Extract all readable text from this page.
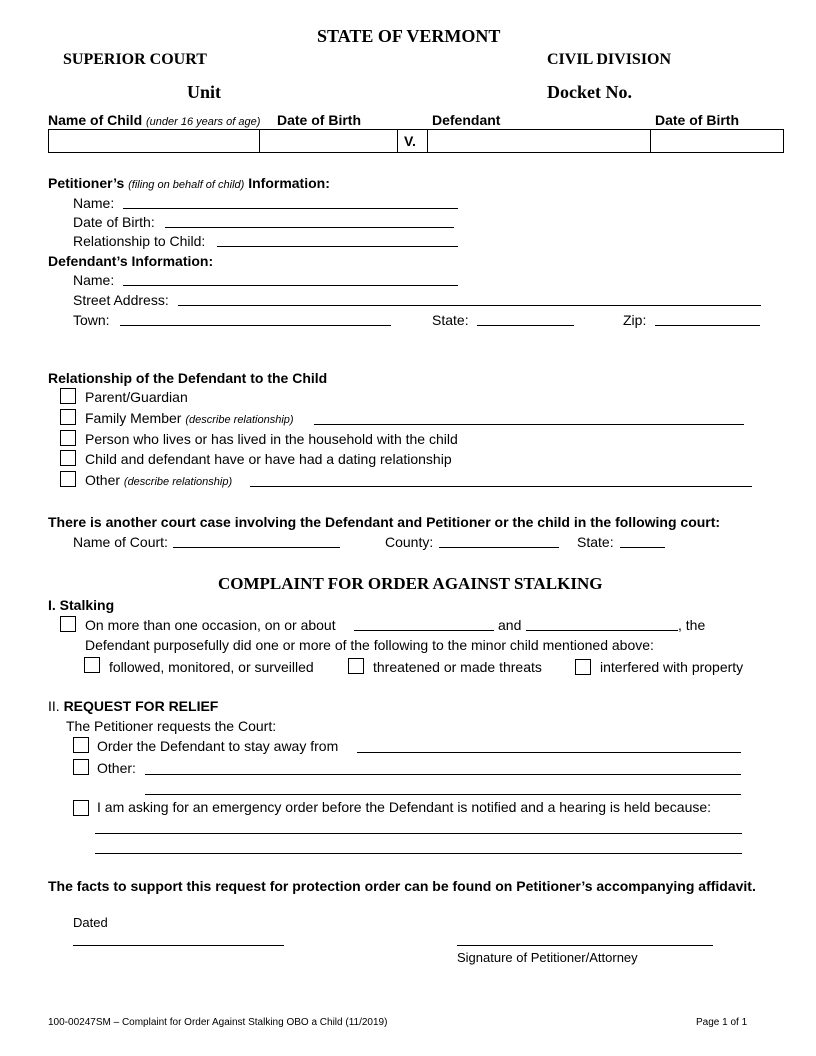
STATE OF VERMONT
SUPERIOR COURT	CIVIL DIVISION
Unit	Docket No.
Name of Child (under 16 years of age) Date of Birth	Defendant	Date of Birth
V.
Petitioner’s (filing on behalf of child) Information:
Name:
Date of Birth:
Relationship to Child:
Defendant’s Information:
Name:
Street Address:
Town:	State:	Zip:
Relationship of the Defendant to the Child
Parent/Guardian
Family Member (describe relationship)
Person who lives or has lived in the household with the child
Child and defendant have or have had a dating relationship
Other (describe relationship)
There is another court case involving the Defendant and Petitioner or the child in the following court:
Name of Court:	County:	State:
COMPLAINT FOR ORDER AGAINST STALKING
I. Stalking
On more than one occasion, on or about	and	, the
Defendant purposefully did one or more of the following to the minor child mentioned above:
followed, monitored, or surveilled	threatened or made threats	interfered with property
II. REQUEST FOR RELIEF
The Petitioner requests the Court:
Order the Defendant to stay away from
Other:
I am asking for an emergency order before the Defendant is notified and a hearing is held because:
The facts to support this request for protection order can be found on Petitioner’s accompanying affidavit.
Dated
Signature of Petitioner/Attorney
100-00247SM – Complaint for Order Against Stalking OBO a Child (11/2019)	Page 1 of 1
